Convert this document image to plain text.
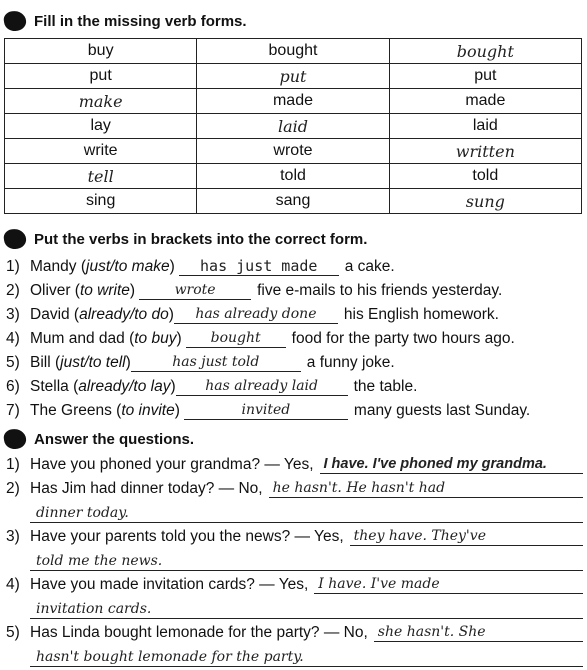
Fill in the missing verb forms.
buy	bought	bought
put	put	put
make	made	made
lay	laid	laid
write	wrote	written
tell	told	told
sing	sang	sung
Put the verbs in brackets into the correct form.
1) Mandy ( just/to make )	has just made	a cake.
2) Oliver ( to write )	wrote	five e-mails to his friends yesterday.
3) David ( already/to do )	has already done	his English homework.
4) Mum and dad ( to buy )	bought	food for the party two hours ago.
5) Bill ( just/to tell )	has just told	a funny joke.
6) Stella ( already/to lay )	has already laid	the table.
7) The Greens ( to invite )	invited	many guests last Sunday.
Answer the questions.
1) Have you phoned your grandma? — Yes, I have. I've phoned my grandma.
2) Has Jim had dinner today? — No, he hasn't. He hasn't had
dinner today.
3) Have your parents told you the news? — Yes, they have. They've
told me the news.
4) Have you made invitation cards? — Yes, I have. I've made
invitation cards.
5) Has Linda bought lemonade for the party? — No, she hasn't. She
hasn't bought lemonade for the party.
